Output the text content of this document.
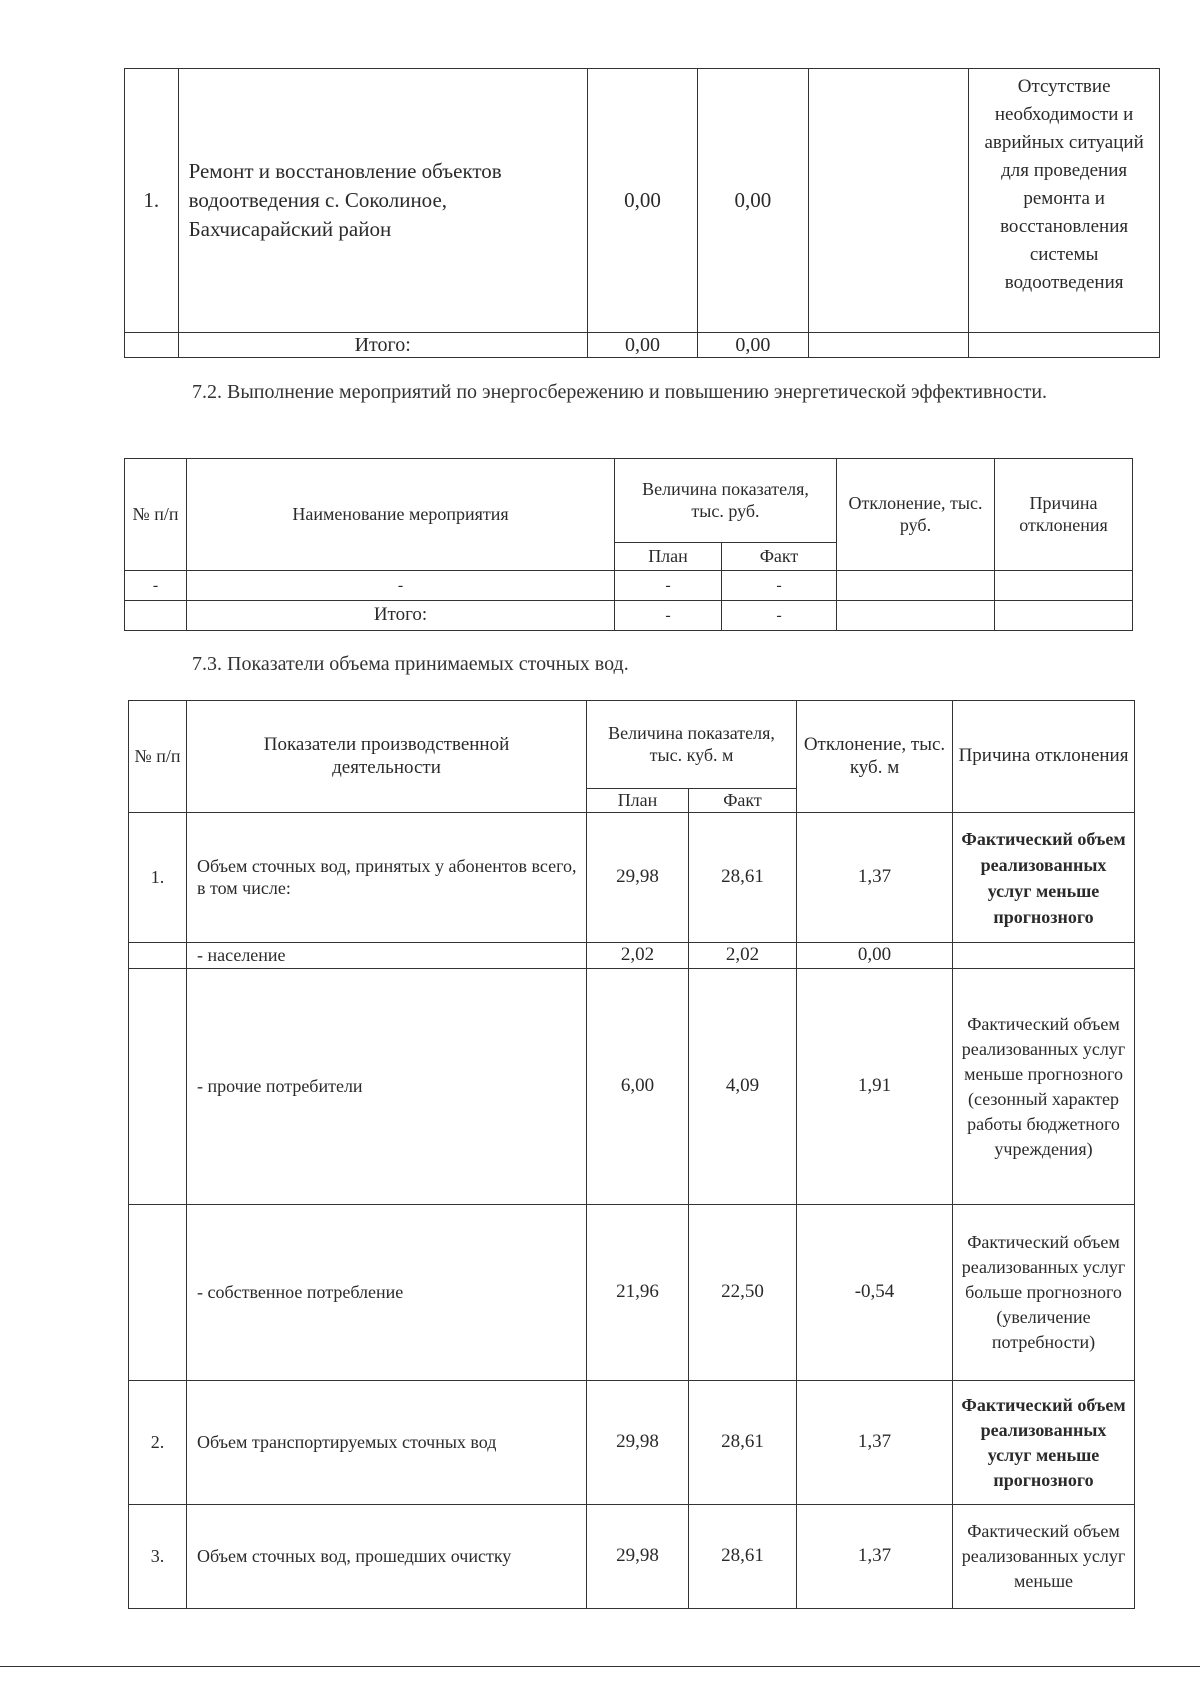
1.	Ремонт и восстановление объектов водоотведения с. Соколиное, Бахчисарайский район	0,00	0,00		Отсутствие необходимости и аврийных ситуаций для проведения ремонта и восстановления системы водоотведения
	Итого:	0,00	0,00		
7.2. Выполнение мероприятий по энергосбережению и повышению энергетической эффективности.
№ п/п	Наименование мероприятия	Величина показателя, тыс. руб.		Отклонение, тыс. руб.	Причина отклонения
		План	Факт		
-	-	-	-		
	Итого:	-	-		
7.3. Показатели объема принимаемых сточных вод.
№ п/п	Показатели производственной деятельности	Величина показателя, тыс. куб. м		Отклонение, тыс. куб. м	Причина отклонения
		План	Факт		
1.	Объем сточных вод, принятых у абонентов всего, в том числе:	29,98	28,61	1,37	Фактический объем реализованных услуг меньше прогнозного
	- население	2,02	2,02	0,00	
	- прочие потребители	6,00	4,09	1,91	Фактический объем реализованных услуг меньше прогнозного (сезонный характер работы бюджетного учреждения)
	- собственное потребление	21,96	22,50	-0,54	Фактический объем реализованных услуг больше прогнозного (увеличение потребности)
2.	Объем транспортируемых сточных вод	29,98	28,61	1,37	Фактический объем реализованных услуг меньше прогнозного
3.	Объем сточных вод, прошедших очистку	29,98	28,61	1,37	Фактический объем реализованных услуг меньше
